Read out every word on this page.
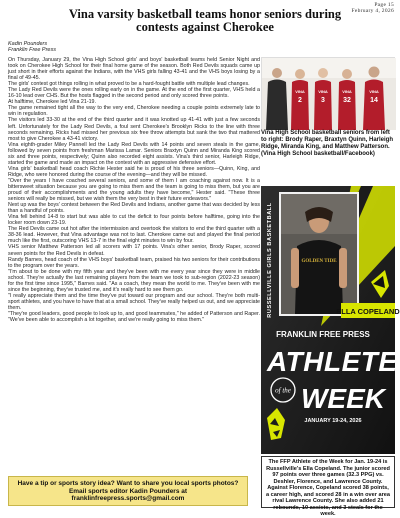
Page 15
February 4, 2026
Vina varsity basketball teams honor seniors during contests against Cherokee
Kadin Pounders
Franklin Free Press

On Thursday, January 29, the Vina High School girls' and boys' basketball teams held Senior Night and took on Cherokee High School for their final home game of the season. Both Red Devils squads came up just short in their efforts against the Indians, with the VHS girls falling 43-41 and the VHS boys losing by a final of 49-45.

The girls' contest got things rolling in what proved to be a hard-fought battle with multiple lead changes.

The Lady Red Devils were the ones rolling early on in the game. At the end of the first quarter, VHS held a 16-10 lead over CHS. But the hosts flagged in the second period and only scored three points.

At halftime, Cherokee led Vina 21-19.

The game remained tight all the way to the very end, Cherokee needing a couple points extremely late to win in regulation.

The visitors led 33-30 at the end of the third quarter and it was knotted up 41-41 with just a few seconds left. Unfortunately for the Lady Red Devils, a foul sent Cherokee's Brooklyn Ricks to the line with three seconds remaining. Ricks had missed her previous six free throw attempts but sank the two that mattered most to give Cherokee a 43-41 victory.

Vina eighth-grader Miley Pannell led the Lady Red Devils with 14 points and seven steals in the game, followed by seven points from freshman Marissa Lamar. Seniors Braxtyn Quinn and Miranda King scored six and three points, respectively; Quinn also recorded eight assists. Vina's third senior, Harleigh Ridge, started the game and made an impact on the contest with an aggressive defensive effort.

Vina girls' basketball head coach Richie Hester said he is proud of his three seniors—Quinn, King, and Ridge, who were honored during the course of the evening—and they will be missed.

"Over the years I have coached several seniors, and some of them I am coaching against now. It is a bittersweet situation because you are going to miss them and the team is going to miss them, but you are proud of their accomplishments and the young adults they have become," Hester said. "These three seniors will really be missed, but we wish them the very best in their future endeavors."

Next up was the boys' contest between the Red Devils and Indians, another game that was decided by less than a handful of points.

Vina fell behind 14-8 to start but was able to cut the deficit to four points before halftime, going into the locker room down 23-19.

The Red Devils came out hot after the intermission and overtook the visitors to end the third quarter with a 38-36 lead. However, that Vina advantage was not to last. Cherokee came out and played the final period much like the first, outscoring VHS 13-7 in the final eight minutes to win by four.

VHS senior Matthew Patterson led all scorers with 17 points. Vina's other senior, Brody Raper, scored seven points for the Red Devils in defeat.

Randy Barnes, head coach of the VHS boys' basketball team, praised his two seniors for their contributions to the program over the years.

"I'm about to be done with my fifth year and they've been with me every year since they were in middle school. They're actually the last remaining players from the team we took to sub-region (2022-23 season) for the first time since 1995," Barnes said. "As a coach, they mean the world to me. They've been with me since the beginning, they've trusted me, and it's really hard to see them go.

"I really appreciate them and the time they've put toward our program and our school. They're both multi-sport athletes, and you have to have that at a small school. They've really helped us out, and we appreciate them.

"They're good leaders, good people to look up to, and good teammates," he added of Patterson and Raper. "We've been able to accomplish a lot together, and we're really going to miss them."

VINA
2
VINA
3
VINA
32
VINA
14
Vina High School basketball seniors from left to right: Brody Raper, Braxtyn Quinn, Harleigh Ridge, Miranda King, and Matthew Patterson. (Vina High School basketball/Facebook)
RUSSELLVILLE GIRLS BASKETBALL	GOLDEN TIDE
ELLA COPELAND
FRANKLIN FREE PRESS
ATHLETE
of the WEEK
JANUARY 19-24, 2026
The FFP Athlete of the Week for Jan. 19-24 is Russellville's Ella Copeland. The junior scored 97 points over three games (32.3 PPG) vs. Deshler, Florence, and Lawrence County. Against Florence, Copeland scored 38 points, a career high, and scored 28 in a win over area rival Lawrence County. She also added 21 rebounds, 10 assists, and 3 steals for the week.
Have a tip or sports story idea? Want to share you local sports photos? Email sports editor Kadin Pounders at franklinfreepress.sports@gmail.com
